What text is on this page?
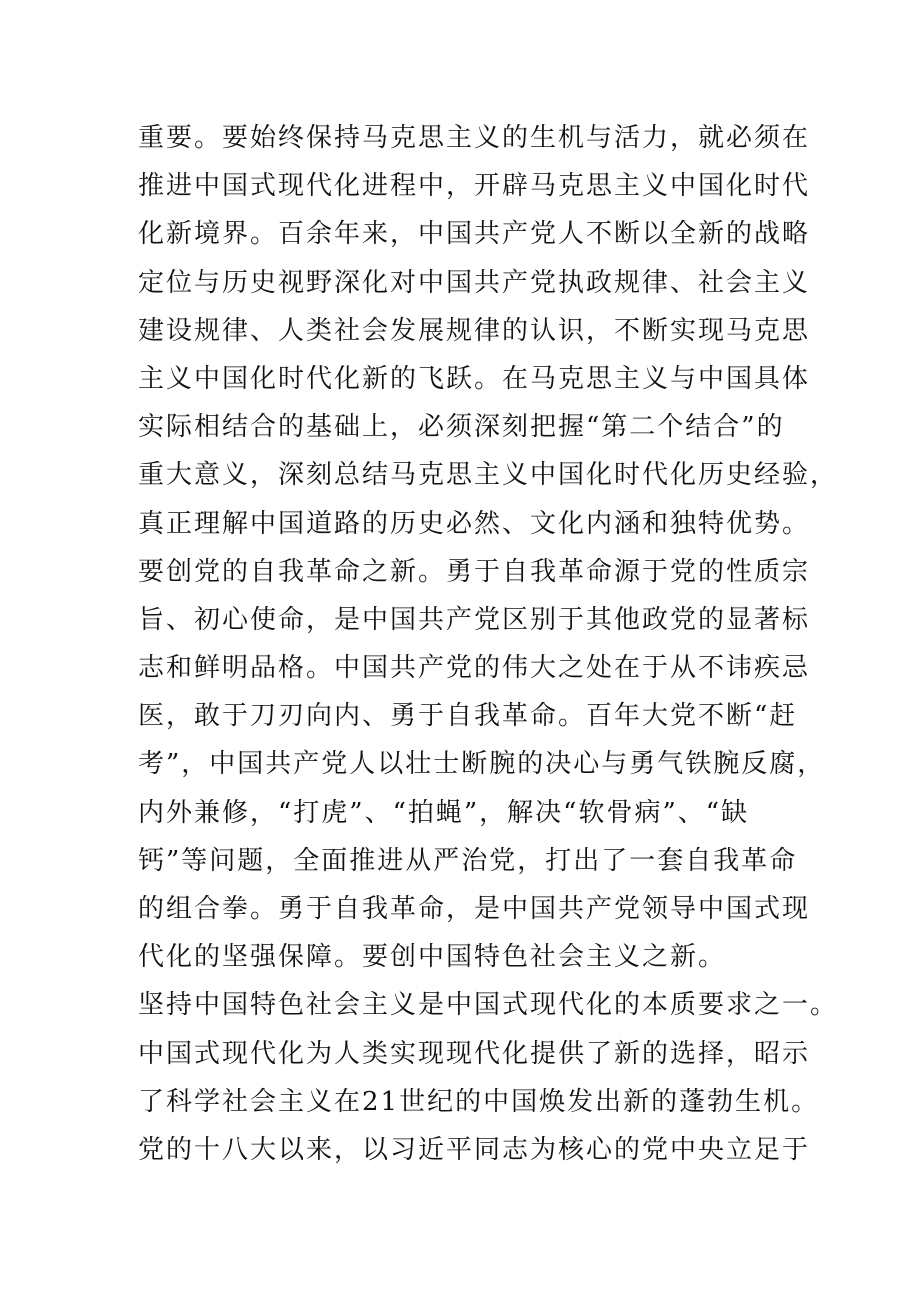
重要。要始终保持马克思主义的生机与活力，就必须在
推进中国式现代化进程中，开辟马克思主义中国化时代
化新境界。百余年来，中国共产党人不断以全新的战略
定位与历史视野深化对中国共产党执政规律、社会主义
建设规律、人类社会发展规律的认识，不断实现马克思
主义中国化时代化新的飞跃。在马克思主义与中国具体
实际相结合的基础上，必须深刻把握“第二个结合”的
重大意义，深刻总结马克思主义中国化时代化历史经验，
真正理解中国道路的历史必然、文化内涵和独特优势。
要创党的自我革命之新。勇于自我革命源于党的性质宗
旨、初心使命，是中国共产党区别于其他政党的显著标
志和鲜明品格。中国共产党的伟大之处在于从不讳疾忌
医，敢于刀刃向内、勇于自我革命。百年大党不断“赶
考”，中国共产党人以壮士断腕的决心与勇气铁腕反腐，
内外兼修，“打虎”、“拍蝇”，解决“软骨病”、“缺
钙”等问题，全面推进从严治党，打出了一套自我革命
的组合拳。勇于自我革命，是中国共产党领导中国式现
代化的坚强保障。要创中国特色社会主义之新。
坚持中国特色社会主义是中国式现代化的本质要求之一。
中国式现代化为人类实现现代化提供了新的选择，昭示
了科学社会主义在21世纪的中国焕发出新的蓬勃生机。
党的十八大以来，以习近平同志为核心的党中央立足于
